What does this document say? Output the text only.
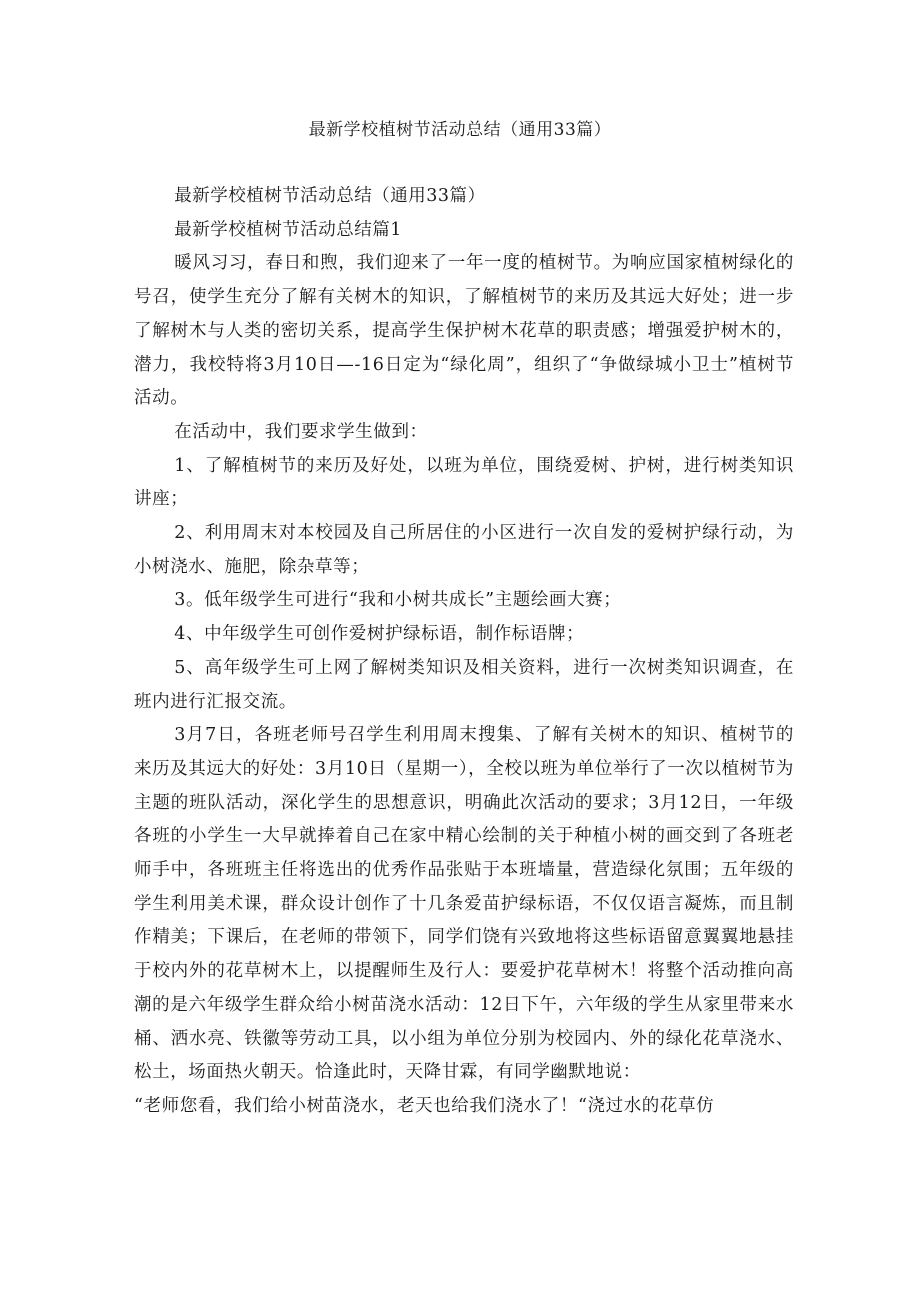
最新学校植树节活动总结（通用33篇）

最新学校植树节活动总结（通用33篇）

最新学校植树节活动总结篇1

暖风习习，春日和煦，我们迎来了一年一度的植树节。为响应国家植树绿化的号召，使学生充分了解有关树木的知识，了解植树节的来历及其远大好处；进一步了解树木与人类的密切关系，提高学生保护树木花草的职责感；增强爱护树木的，潜力，我校特将3月10日—-16日定为“绿化周”，组织了“争做绿城小卫士”植树节活动。

在活动中，我们要求学生做到：

1、了解植树节的来历及好处，以班为单位，围绕爱树、护树，进行树类知识讲座；

2、利用周末对本校园及自己所居住的小区进行一次自发的爱树护绿行动，为小树浇水、施肥，除杂草等；

3。低年级学生可进行“我和小树共成长”主题绘画大赛；

4、中年级学生可创作爱树护绿标语，制作标语牌；

5、高年级学生可上网了解树类知识及相关资料，进行一次树类知识调查，在班内进行汇报交流。

3月7日，各班老师号召学生利用周末搜集、了解有关树木的知识、植树节的来历及其远大的好处：3月10日（星期一），全校以班为单位举行了一次以植树节为主题的班队活动，深化学生的思想意识，明确此次活动的要求；3月12日，一年级各班的小学生一大早就捧着自己在家中精心绘制的关于种植小树的画交到了各班老师手中，各班班主任将选出的优秀作品张贴于本班墙量，营造绿化氛围；五年级的学生利用美术课，群众设计创作了十几条爱苗护绿标语，不仅仅语言凝炼，而且制作精美；下课后，在老师的带领下，同学们饶有兴致地将这些标语留意翼翼地悬挂于校内外的花草树木上，以提醒师生及行人：要爱护花草树木！将整个活动推向高潮的是六年级学生群众给小树苗浇水活动：12日下午，六年级的学生从家里带来水桶、洒水亮、铁徽等劳动工具，以小组为单位分别为校园内、外的绿化花草浇水、松土，场面热火朝天。恰逢此时，天降甘霖，有同学幽默地说：

“老师您看，我们给小树苗浇水，老天也给我们浇水了！“浇过水的花草仿
